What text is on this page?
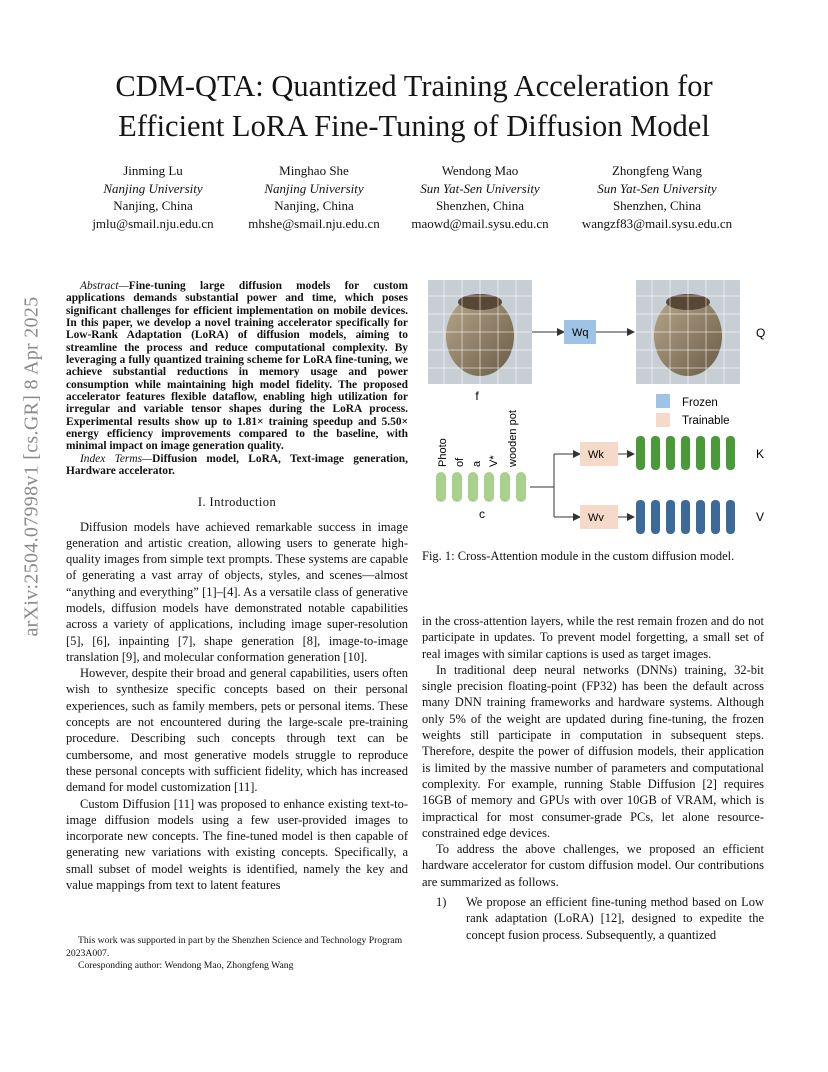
CDM-QTA: Quantized Training Acceleration for
Efficient LoRA Fine-Tuning of Diffusion Model
Jinming Lu
Nanjing University
Nanjing, China
jmlu@smail.nju.edu.cn
Minghao She
Nanjing University
Nanjing, China
mhshe@smail.nju.edu.cn
Wendong Mao
Sun Yat-Sen University
Shenzhen, China
maowd@mail.sysu.edu.cn
Zhongfeng Wang
Sun Yat-Sen University
Shenzhen, China
wangzf83@mail.sysu.edu.cn
arXiv:2504.07998v1 [cs.GR] 8 Apr 2025
Abstract—Fine-tuning large diffusion models for custom applications demands substantial power and time, which poses significant challenges for efficient implementation on mobile devices. In this paper, we develop a novel training accelerator specifically for Low-Rank Adaptation (LoRA) of diffusion models, aiming to streamline the process and reduce computational complexity. By leveraging a fully quantized training scheme for LoRA fine-tuning, we achieve substantial reductions in memory usage and power consumption while maintaining high model fidelity. The proposed accelerator features flexible dataflow, enabling high utilization for irregular and variable tensor shapes during the LoRA process. Experimental results show up to 1.81× training speedup and 5.50× energy efficiency improvements compared to the baseline, with minimal impact on image generation quality.
Index Terms—Diffusion model, LoRA, Text-image generation, Hardware accelerator.
I. Introduction

Diffusion models have achieved remarkable success in image generation and artistic creation, allowing users to generate high-quality images from simple text prompts. These systems are capable of generating a vast array of objects, styles, and scenes—almost “anything and everything” [1]–[4]. As a versatile class of generative models, diffusion models have demonstrated notable capabilities across a variety of applications, including image super-resolution [5], [6], inpainting [7], shape generation [8], image-to-image translation [9], and molecular conformation generation [10].

However, despite their broad and general capabilities, users often wish to synthesize specific concepts based on their personal experiences, such as family members, pets or personal items. These concepts are not encountered during the large-scale pre-training procedure. Describing such concepts through text can be cumbersome, and most generative models struggle to reproduce these personal concepts with sufficient fidelity, which has increased demand for model customization [11].

Custom Diffusion [11] was proposed to enhance existing text-to-image diffusion models using a few user-provided images to incorporate new concepts. The fine-tuned model is then capable of generating new variations with existing concepts. Specifically, a small subset of model weights is identified, namely the key and value mappings from text to latent features

This work was supported in part by the Shenzhen Science and Technology Program 2023A007.
Coresponding author: Wendong Mao, Zhongfeng Wang
f
Wq	Q
Frozen
Trainable
Photo of a V* wooden pot
c
Wk	K
Wv	V
Fig. 1: Cross-Attention module in the custom diffusion model.

in the cross-attention layers, while the rest remain frozen and do not participate in updates. To prevent model forgetting, a small set of real images with similar captions is used as target images.

In traditional deep neural networks (DNNs) training, 32-bit single precision floating-point (FP32) has been the default across many DNN training frameworks and hardware systems. Although only 5% of the weight are updated during fine-tuning, the frozen weights still participate in computation in subsequent steps. Therefore, despite the power of diffusion models, their application is limited by the massive number of parameters and computational complexity. For example, running Stable Diffusion [2] requires 16GB of memory and GPUs with over 10GB of VRAM, which is impractical for most consumer-grade PCs, let alone resource-constrained edge devices.

To address the above challenges, we proposed an efficient hardware accelerator for custom diffusion model. Our contributions are summarized as follows.

1)	We propose an efficient fine-tuning method based on Low rank adaptation (LoRA) [12], designed to expedite the concept fusion process. Subsequently, a quantized
